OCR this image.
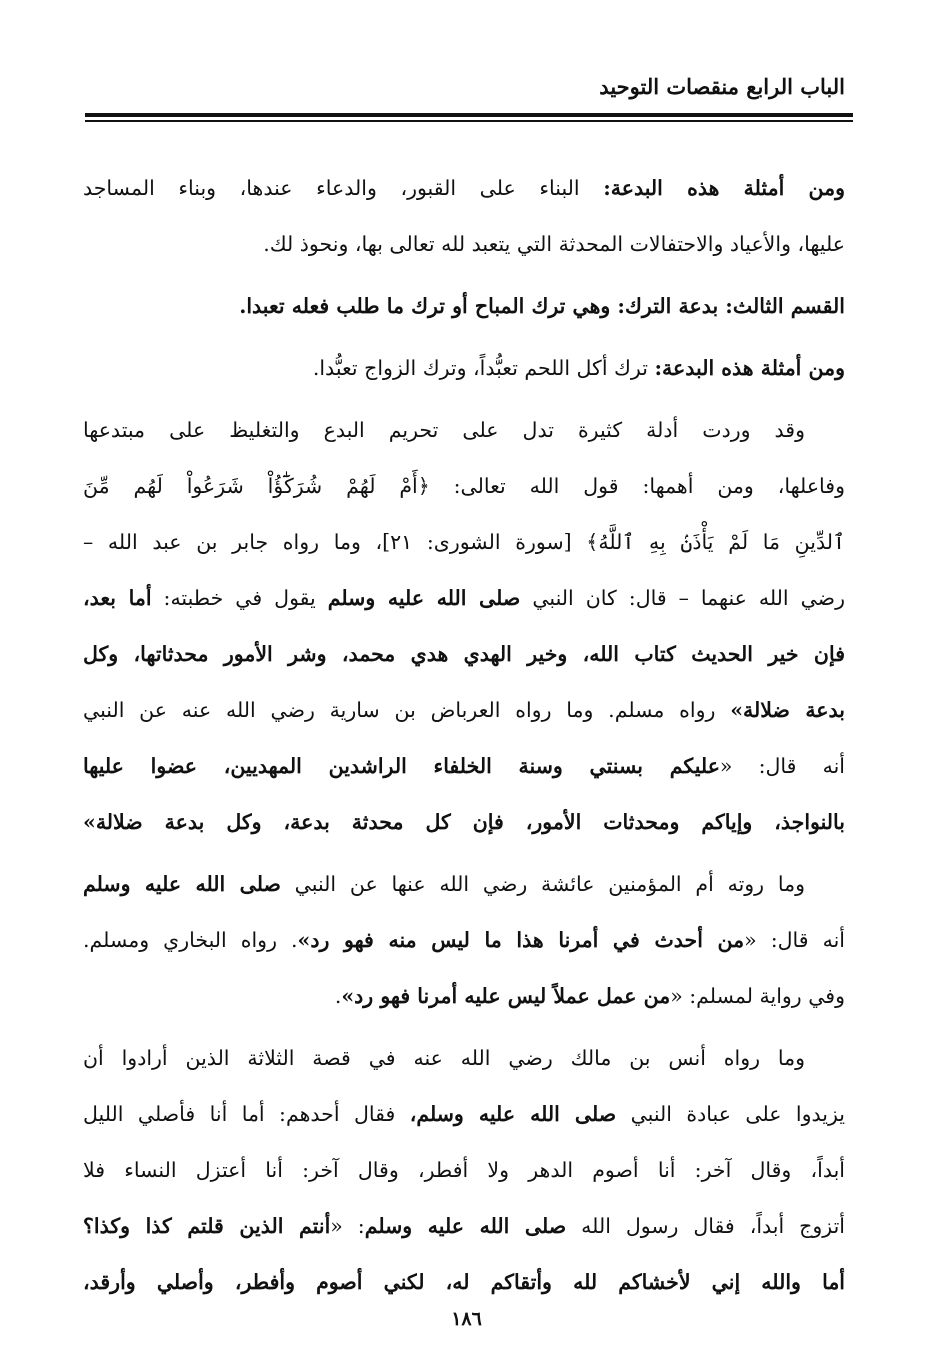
الباب الرابع منقصات التوحيد
ومن أمثلة هذه البدعة: البناء على القبور، والدعاء عندها، وبناء المساجد
عليها، والأعياد والاحتفالات المحدثة التي يتعبد لله تعالى بها، ونحوذ لك.
القسم الثالث: بدعة الترك: وهي ترك المباح أو ترك ما طلب فعله تعبدا.
ومن أمثلة هذه البدعة: ترك أكل اللحم تعبُّداً، وترك الزواج تعبُّدا.
وقد وردت أدلة كثيرة تدل على تحريم البدع والتغليظ على مبتدعها
وفاعلها، ومن أهمها: قول الله تعالى: ﴿أَمْ لَهُمْ شُرَكَٰٓؤُاْ شَرَعُواْ لَهُم مِّنَ
ٱلدِّينِ مَا لَمْ يَأْذَنۢ بِهِ ٱللَّهُ﴾ [سورة الشورى: ٢١]، وما رواه جابر بن عبد الله –
رضي الله عنهما – قال: كان النبي صلى الله عليه وسلم يقول في خطبته: أما بعد،
فإن خير الحديث كتاب الله، وخير الهدي هدي محمد، وشر الأمور محدثاتها، وكل
بدعة ضلالة» رواه مسلم. وما رواه العرباض بن سارية رضي الله عنه عن النبي
أنه قال: «عليكم بسنتي وسنة الخلفاء الراشدين المهديين، عضوا عليها
بالنواجذ، وإياكم ومحدثات الأمور، فإن كل محدثة بدعة، وكل بدعة ضلالة»
وما روته أم المؤمنين عائشة رضي الله عنها عن النبي صلى الله عليه وسلم
أنه قال: «من أحدث في أمرنا هذا ما ليس منه فهو رد». رواه البخاري ومسلم.
وفي رواية لمسلم: «من عمل عملاً ليس عليه أمرنا فهو رد».
وما رواه أنس بن مالك رضي الله عنه في قصة الثلاثة الذين أرادوا أن
يزيدوا على عبادة النبي صلى الله عليه وسلم، فقال أحدهم: أما أنا فأصلي الليل
أبداً، وقال آخر: أنا أصوم الدهر ولا أفطر، وقال آخر: أنا أعتزل النساء فلا
أتزوج أبداً، فقال رسول الله صلى الله عليه وسلم: «أنتم الذين قلتم كذا وكذا؟
أما والله إني لأخشاكم لله وأتقاكم له، لكني أصوم وأفطر، وأصلي وأرقد،
١٨٦
